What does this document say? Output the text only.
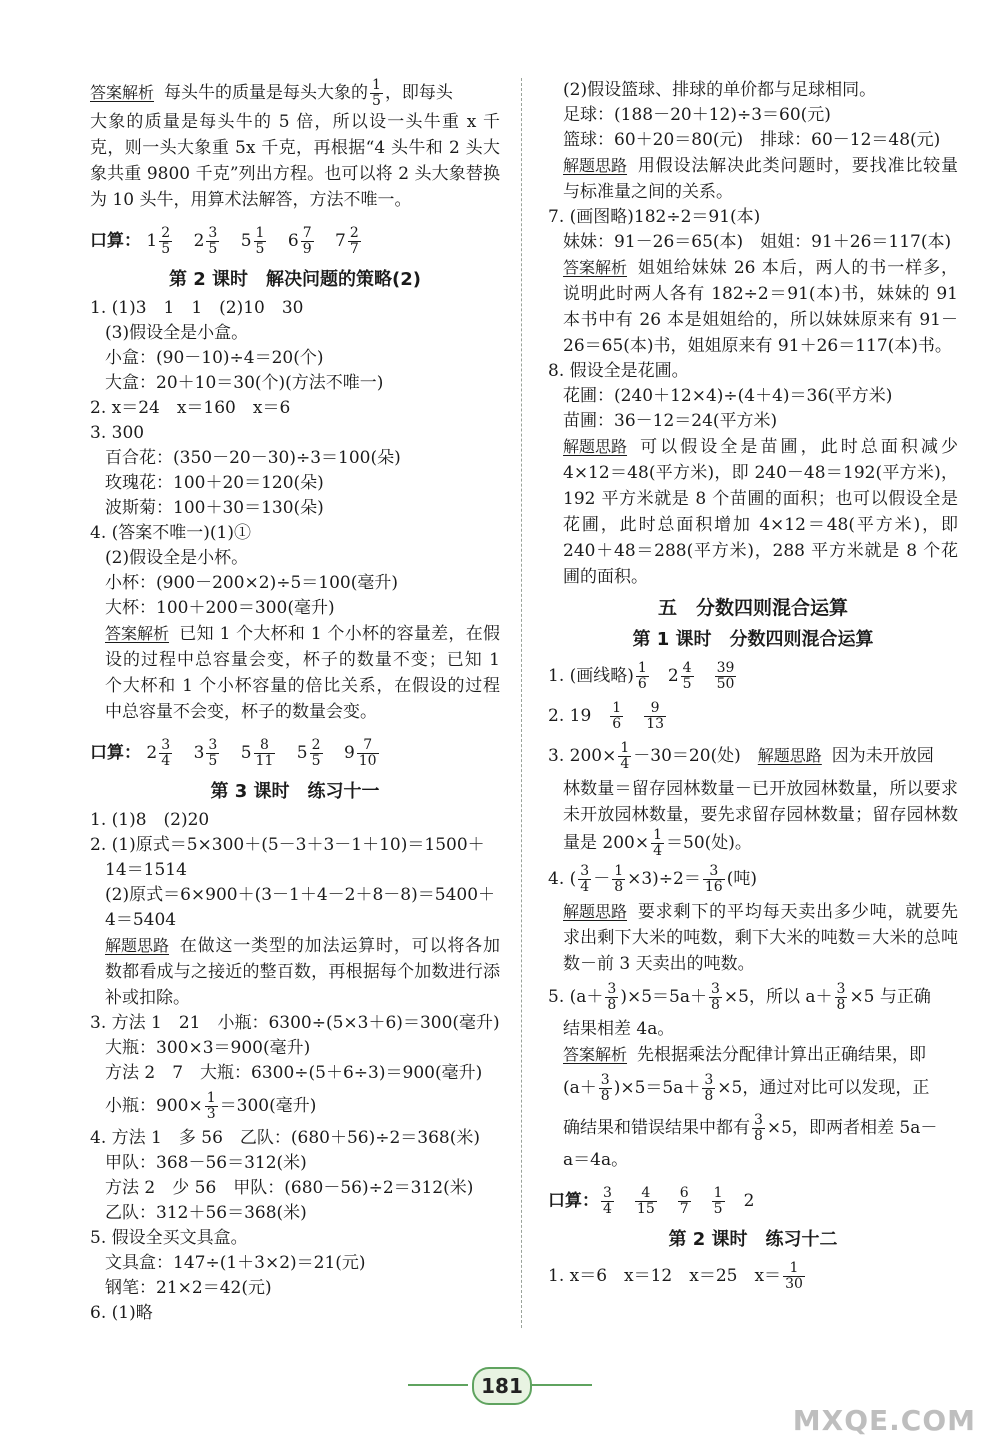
答案解析 每头牛的质量是每头大象的 $\frac{1}{5}$ ，即每头

大象的质量是每头牛的 5 倍，所以设一头牛重 x 千克，则一头大象重 5x 千克，再根据“4 头牛和 2 头大象共重 9800 千克”列出方程。也可以将 2 头大象替换为 10 头牛，用算术法解答，方法不唯一。

口算： $1 \frac{2}{5} 2 \frac{3}{5} 5 \frac{1}{5} 6 \frac{7}{9} 7 \frac{2}{7}$

第 2 课时　解决问题的策略(2)

1. (1)3　1　1　(2)10　30

(3)假设全是小盒。

小盒：(90－10)÷4＝20(个)

大盒：20＋10＝30(个)(方法不唯一)

2. x＝24　x＝160　x＝6

3. 300

百合花：(350－20－30)÷3＝100(朵)

玫瑰花：100＋20＝120(朵)

波斯菊：100＋30＝130(朵)

4. (答案不唯一)(1)①

(2)假设全是小杯。

小杯：(900－200×2)÷5＝100(毫升)

大杯：100＋200＝300(毫升)

答案解析 已知 1 个大杯和 1 个小杯的容量差，在假设的过程中总容量会变，杯子的数量不变；已知 1 个大杯和 1 个小杯容量的倍比关系，在假设的过程中总容量不会变，杯子的数量会变。

口算： $2 \frac{3}{4} 3 \frac{3}{5} 5 \frac{8}{11} 5 \frac{2}{5} 9 \frac{7}{10}$

第 3 课时　练习十一

1. (1)8　(2)20

2. (1)原式＝5×300＋(5－3＋3－1＋10)＝1500＋

14＝1514

(2)原式＝6×900＋(3－1＋4－2＋8－8)＝5400＋

4＝5404

解题思路 在做这一类型的加法运算时，可以将各加数都看成与之接近的整百数，再根据每个加数进行添补或扣除。

3. 方法 1　21　小瓶：6300÷(5×3＋6)＝300(毫升)

大瓶：300×3＝900(毫升)

方法 2　7　大瓶：6300÷(5＋6÷3)＝900(毫升)

小瓶：$900\times \frac{1}{3} =300$(毫升)

4. 方法 1　多 56　乙队：(680＋56)÷2＝368(米)

甲队：368－56＝312(米)

方法 2　少 56　甲队：(680－56)÷2＝312(米)

乙队：312＋56＝368(米)

5. 假设全买文具盒。

文具盒：147÷(1＋3×2)＝21(元)

钢笔：21×2＝42(元)

6. (1)略

(2)假设篮球、排球的单价都与足球相同。

足球：(188－20＋12)÷3＝60(元)

篮球：60＋20＝80(元)　排球：60－12＝48(元)

解题思路 用假设法解决此类问题时，要找准比较量与标准量之间的关系。

7. (画图略)182÷2＝91(本)

妹妹：91－26＝65(本)　姐姐：91＋26＝117(本)

答案解析 姐姐给妹妹 26 本后，两人的书一样多，说明此时两人各有 182÷2＝91(本)书，妹妹的 91 本书中有 26 本是姐姐给的，所以妹妹原来有 91－26＝65(本)书，姐姐原来有 91＋26＝117(本)书。

8. 假设全是花圃。

花圃：(240＋12×4)÷(4＋4)＝36(平方米)

苗圃：36－12＝24(平方米)

解题思路 可以假设全是苗圃，此时总面积减少 4×12＝48(平方米)，即 240－48＝192(平方米)，192 平方米就是 8 个苗圃的面积；也可以假设全是花圃，此时总面积增加 4×12＝48(平方米)，即 240＋48＝288(平方米)，288 平方米就是 8 个花圃的面积。

五　分数四则混合运算
第 1 课时　分数四则混合运算

1. (画线略) $\frac{1}{6}$
　 $2 \frac{4}{5}$
　 $\frac{39}{50}$

2. 19　 $\frac{1}{6}$
　 $\frac{9}{13}$

3. $200\times \frac{1}{4} -30=20$(处)　 解题思路 因为未开放园

林数量＝留存园林数量－已开放园林数量，所以要求未开放园林数量，要先求留存园林数量；留存园林数量是 $200\times \frac{1}{4} =50$(处)。

4. ( $\frac{3}{4} - \frac{1}{8} \times 3)\div 2= \frac{3}{16}$ (吨)

解题思路 要求剩下的平均每天卖出多少吨，就要先求出剩下大米的吨数，剩下大米的吨数＝大米的总吨数－前 3 天卖出的吨数。

5. $(a+ \frac{3}{8} )\times 5=5a+ \frac{3}{8} \times 5$，所以 $a+ \frac{3}{8} \times 5$ 与正确

结果相差 4a。

答案解析 先根据乘法分配律计算出正确结果，即

$(a+ \frac{3}{8} )\times 5=5a+ \frac{3}{8} \times 5$，通过对比可以发现，正

确结果和错误结果中都有 $\frac{3}{8} \times 5$，即两者相差 5a－

a＝4a。

口算： $\frac{3}{4}$
　 $\frac{4}{15}$
　 $\frac{6}{7}$
　 $\frac{1}{5}$
　 2

第 2 课时　练习十二

1. x＝6　x＝12　x＝25　$x= \frac{1}{30}$

181
MXQE.COM
